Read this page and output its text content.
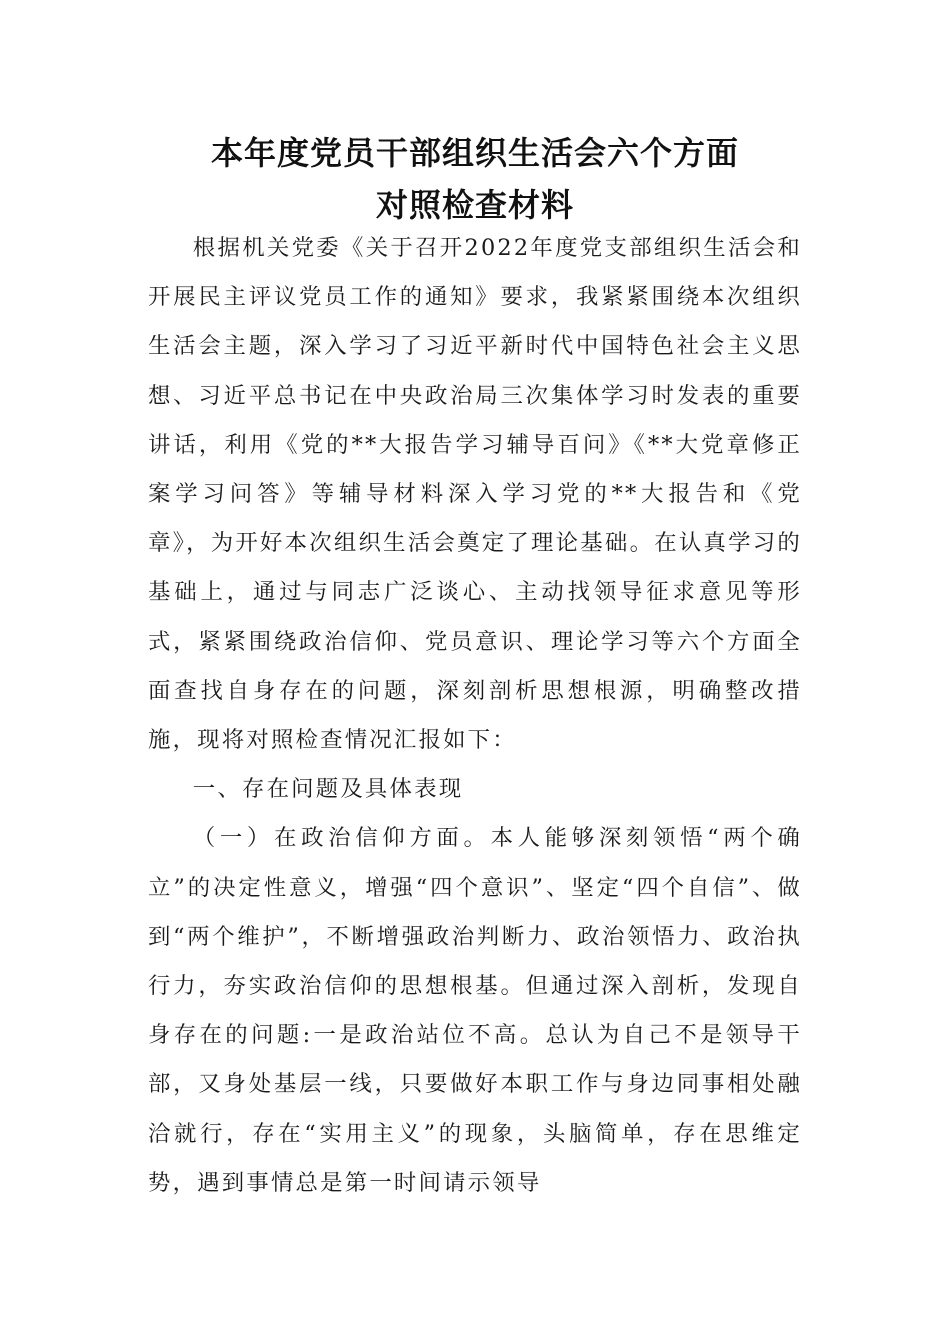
本年度党员干部组织生活会六个方面
对照检查材料

根据机关党委《关于召开2022年度党支部组织生活会和开展民主评议党员工作的通知》要求，我紧紧围绕本次组织生活会主题，深入学习了习近平新时代中国特色社会主义思想、习近平总书记在中央政治局三次集体学习时发表的重要讲话，利用《党的**大报告学习辅导百问》《**大党章修正案学习问答》等辅导材料深入学习党的**大报告和《党章》，为开好本次组织生活会奠定了理论基础。在认真学习的基础上，通过与同志广泛谈心、主动找领导征求意见等形式，紧紧围绕政治信仰、党员意识、理论学习等六个方面全面查找自身存在的问题，深刻剖析思想根源，明确整改措施，现将对照检查情况汇报如下：

一、存在问题及具体表现

（一）在政治信仰方面。本人能够深刻领悟“两个确立”的决定性意义，增强“四个意识”、坚定“四个自信”、做到“两个维护”，不断增强政治判断力、政治领悟力、政治执行力，夯实政治信仰的思想根基。但通过深入剖析，发现自身存在的问题:一是政治站位不高。总认为自己不是领导干部，又身处基层一线，只要做好本职工作与身边同事相处融洽就行，存在“实用主义”的现象，头脑简单，存在思维定势，遇到事情总是第一时间请示领导
